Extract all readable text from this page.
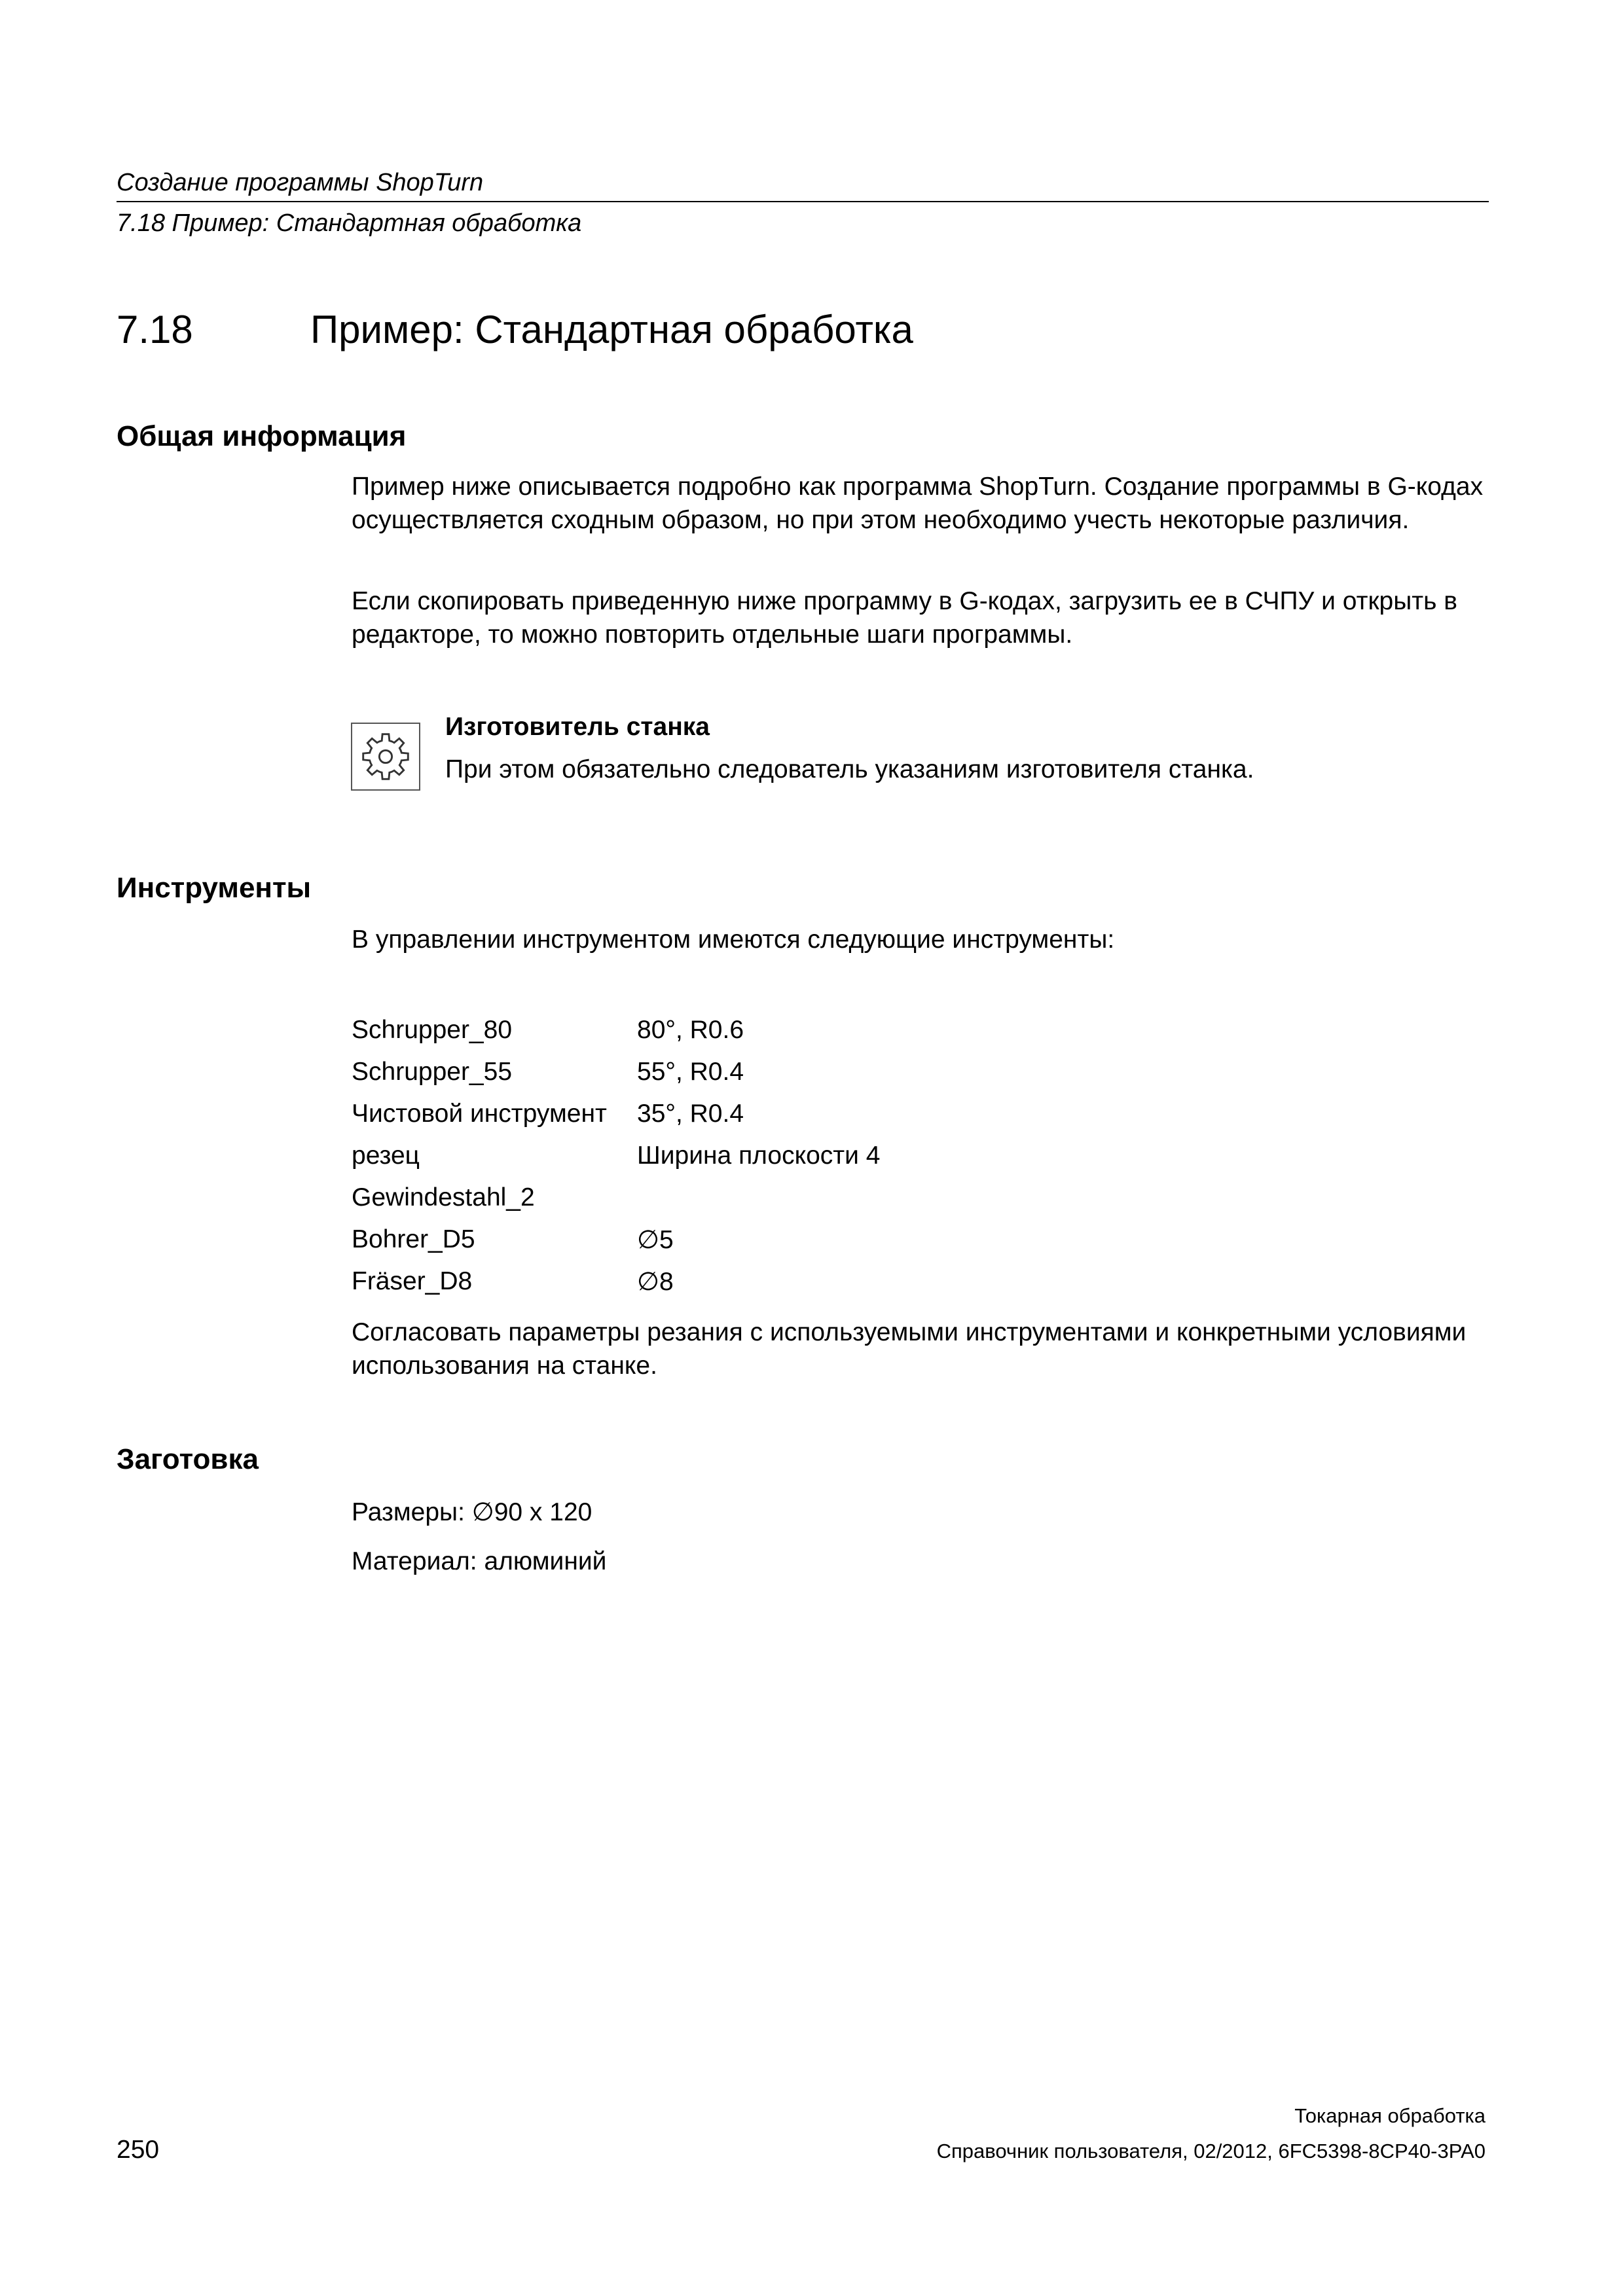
Создание программы ShopTurn
7.18 Пример: Стандартная обработка
7.18	Пример: Стандартная обработка
Общая информация
Пример ниже описывается подробно как программа ShopTurn. Создание программы в G-кодах осуществляется сходным образом, но при этом необходимо учесть некоторые различия.
Если скопировать приведенную ниже программу в G-кодах, загрузить ее в СЧПУ и открыть в редакторе, то можно повторить отдельные шаги программы.
Изготовитель станка
При этом обязательно следователь указаниям изготовителя станка.
Инструменты
В управлении инструментом имеются следующие инструменты:
Schrupper_80	80°, R0.6
Schrupper_55	55°, R0.4
Чистовой инструмент	35°, R0.4
резец	Ширина плоскости 4
Gewindestahl_2	
Bohrer_D5	∅5
Fräser_D8	∅8
Согласовать параметры резания с используемыми инструментами и конкретными условиями использования на станке.
Заготовка
Размеры: ∅90 x 120
Материал: алюминий
Токарная обработка
Справочник пользователя, 02/2012, 6FC5398-8CP40-3PA0
250
